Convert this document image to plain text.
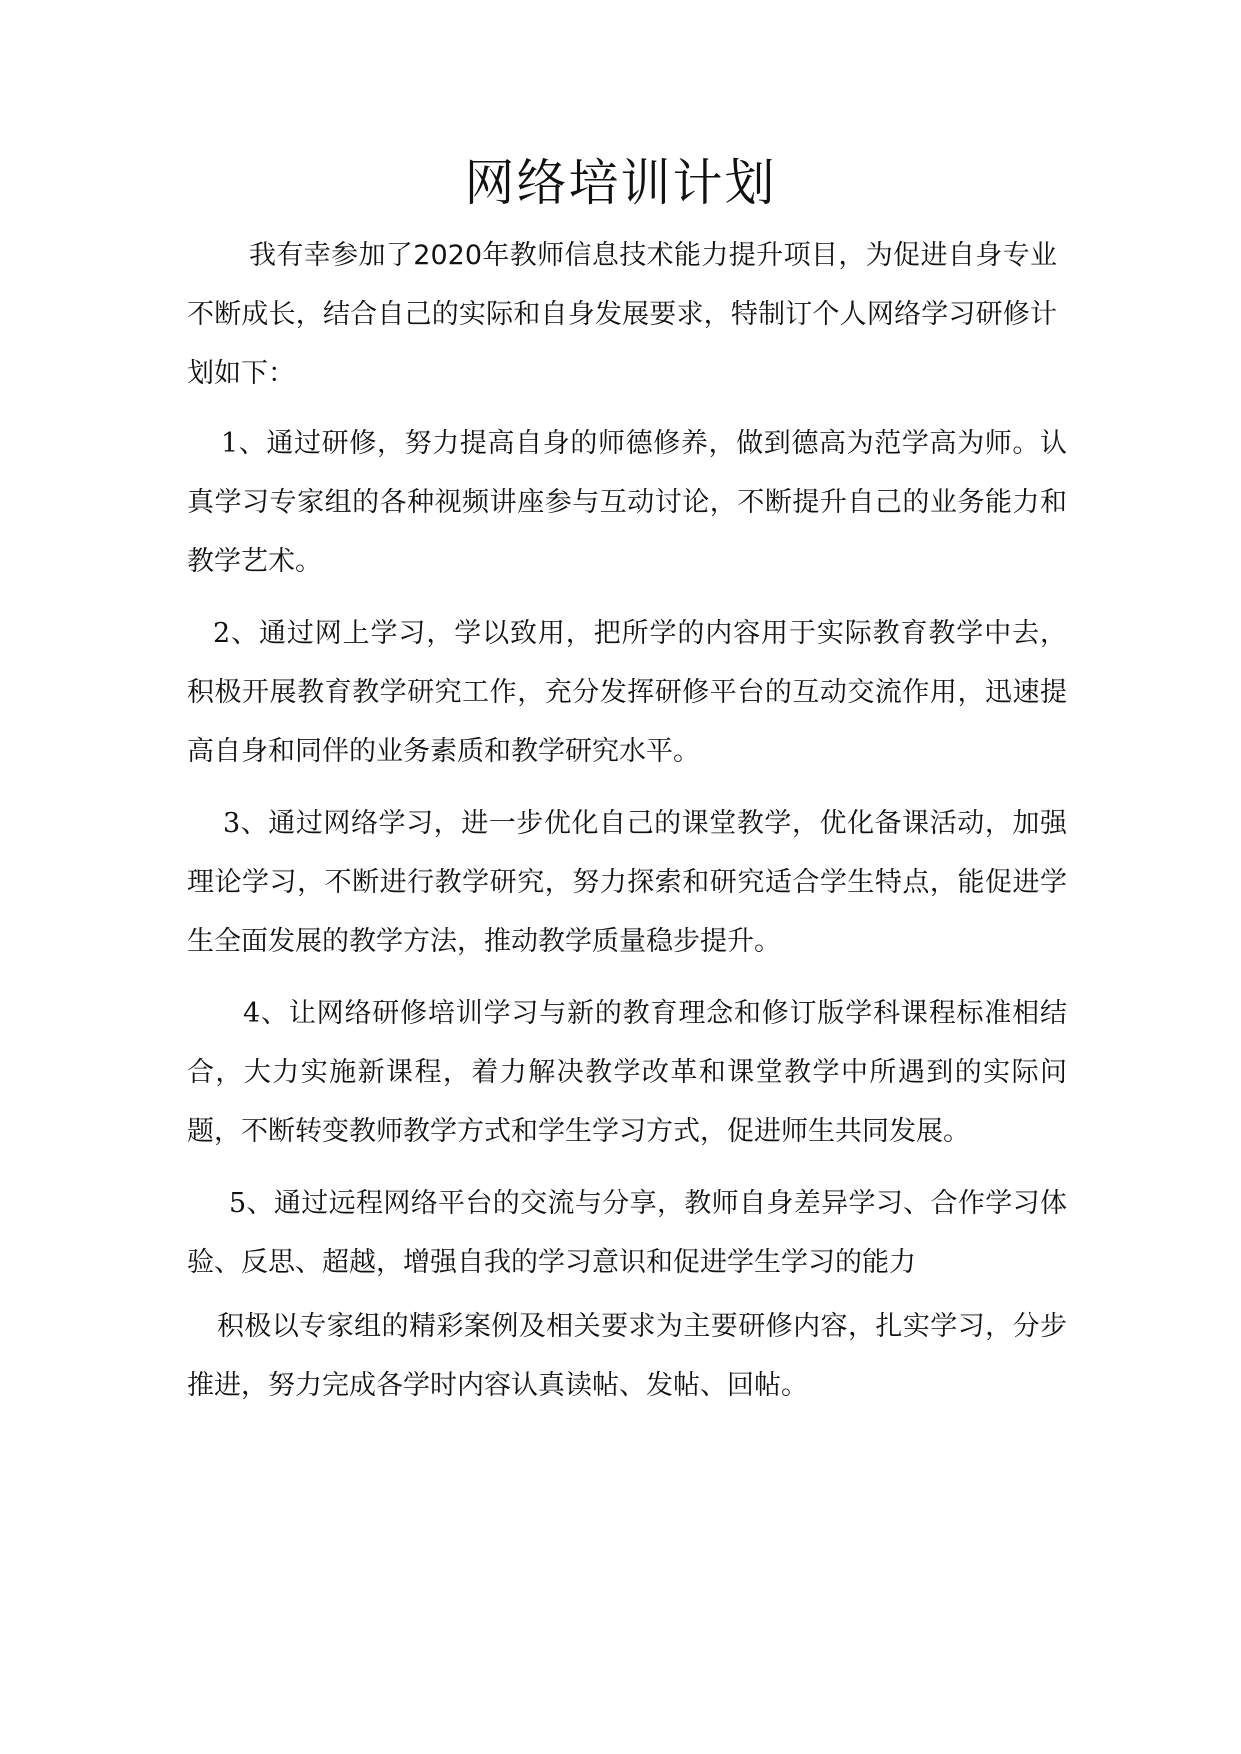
网络培训计划
我有幸参加了2020年教师信息技术能力提升项目，为促进自身专业不断成长，结合自己的实际和自身发展要求，特制订个人网络学习研修计划如下：
1、通过研修，努力提高自身的师德修养，做到德高为范学高为师。认真学习专家组的各种视频讲座参与互动讨论，不断提升自己的业务能力和教学艺术。
2、通过网上学习，学以致用，把所学的内容用于实际教育教学中去，积极开展教育教学研究工作，充分发挥研修平台的互动交流作用，迅速提高自身和同伴的业务素质和教学研究水平。
3、通过网络学习，进一步优化自己的课堂教学，优化备课活动，加强理论学习，不断进行教学研究，努力探索和研究适合学生特点，能促进学生全面发展的教学方法，推动教学质量稳步提升。
4、让网络研修培训学习与新的教育理念和修订版学科课程标准相结合，大力实施新课程，着力解决教学改革和课堂教学中所遇到的实际问题，不断转变教师教学方式和学生学习方式，促进师生共同发展。
5、通过远程网络平台的交流与分享，教师自身差异学习、合作学习体验、反思、超越，增强自我的学习意识和促进学生学习的能力
积极以专家组的精彩案例及相关要求为主要研修内容，扎实学习，分步推进，努力完成各学时内容认真读帖、发帖、回帖。
